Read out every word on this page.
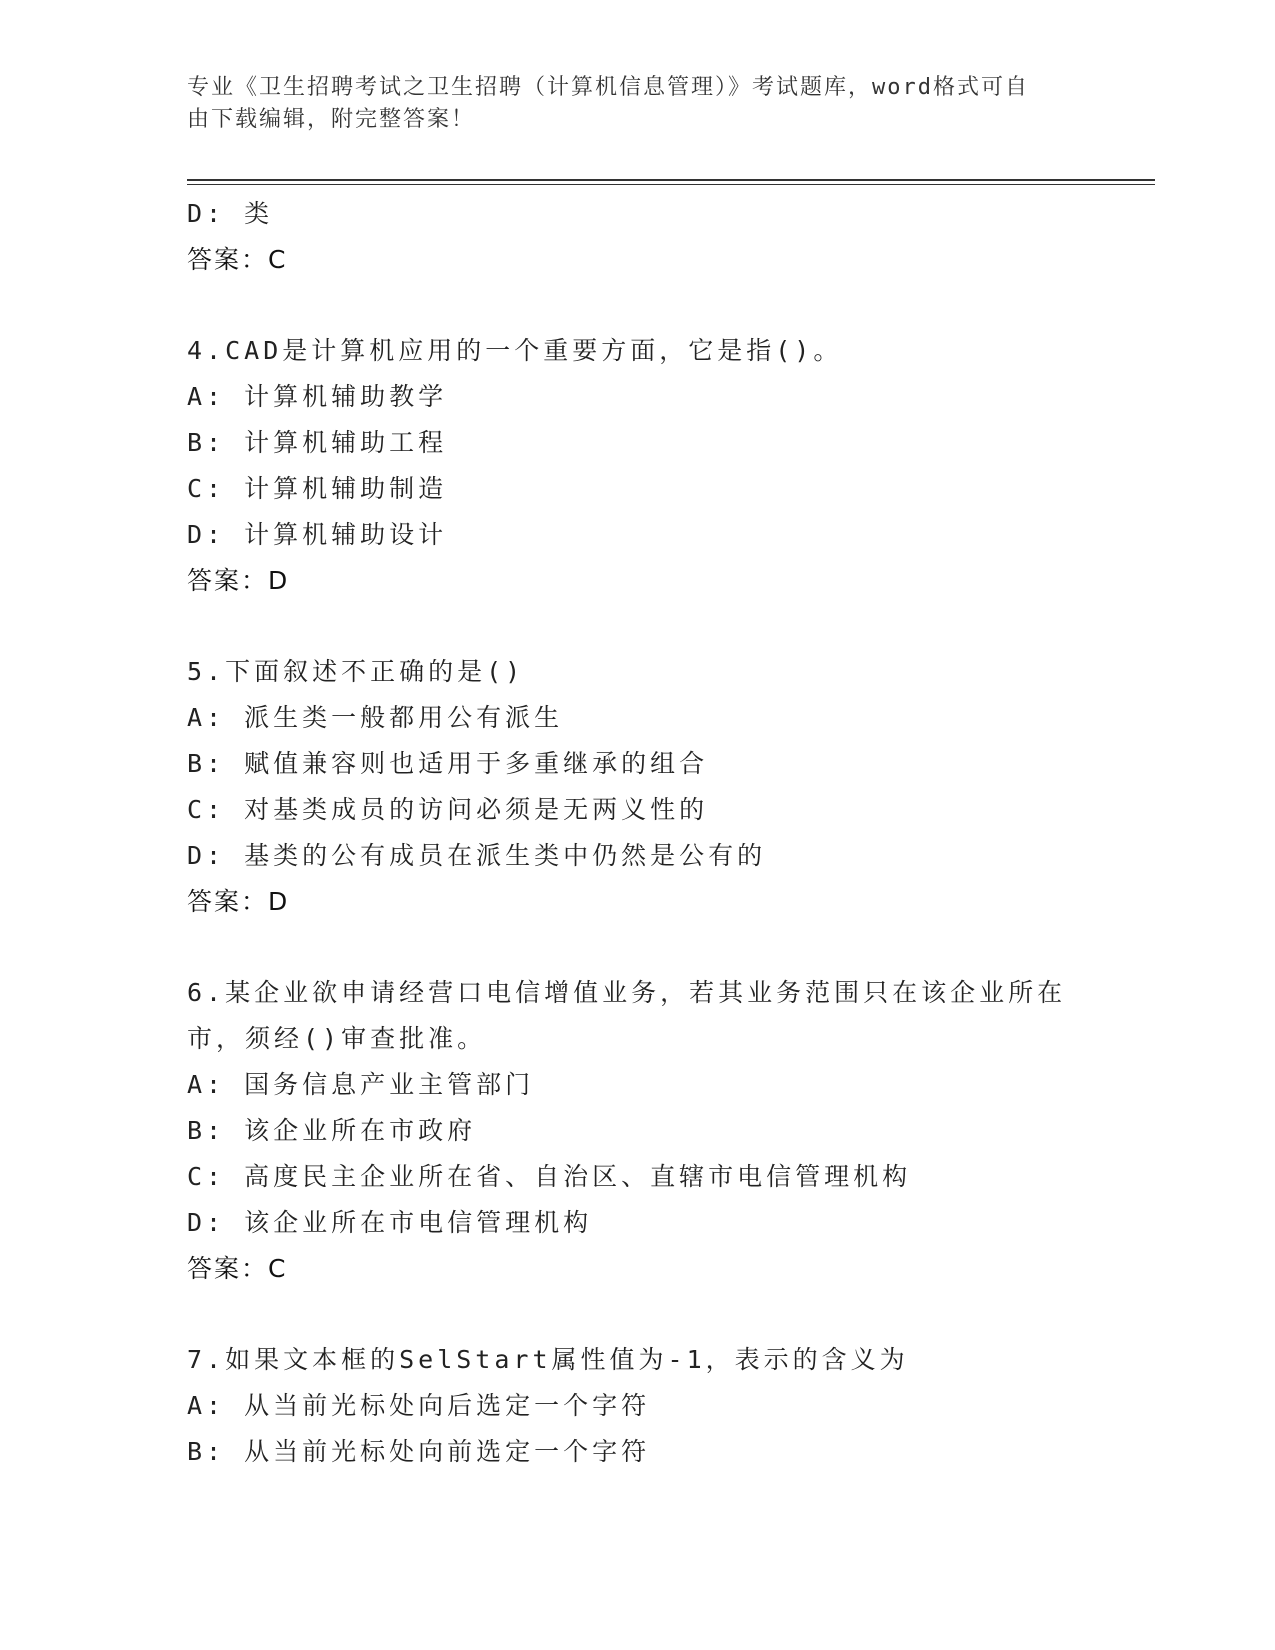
专业《卫生招聘考试之卫生招聘（计算机信息管理）》考试题库，word格式可自
由下载编辑，附完整答案！
D: 类
答案：C
4.CAD是计算机应用的一个重要方面，它是指()。
A: 计算机辅助教学
B: 计算机辅助工程
C: 计算机辅助制造
D: 计算机辅助设计
答案：D
5.下面叙述不正确的是()
A: 派生类一般都用公有派生
B: 赋值兼容则也适用于多重继承的组合
C: 对基类成员的访问必须是无两义性的
D: 基类的公有成员在派生类中仍然是公有的
答案：D
6.某企业欲申请经营口电信增值业务，若其业务范围只在该企业所在
市，须经()审查批准。
A: 国务信息产业主管部门
B: 该企业所在市政府
C: 高度民主企业所在省、自治区、直辖市电信管理机构
D: 该企业所在市电信管理机构
答案：C
7.如果文本框的SelStart属性值为-1，表示的含义为
A: 从当前光标处向后选定一个字符
B: 从当前光标处向前选定一个字符
